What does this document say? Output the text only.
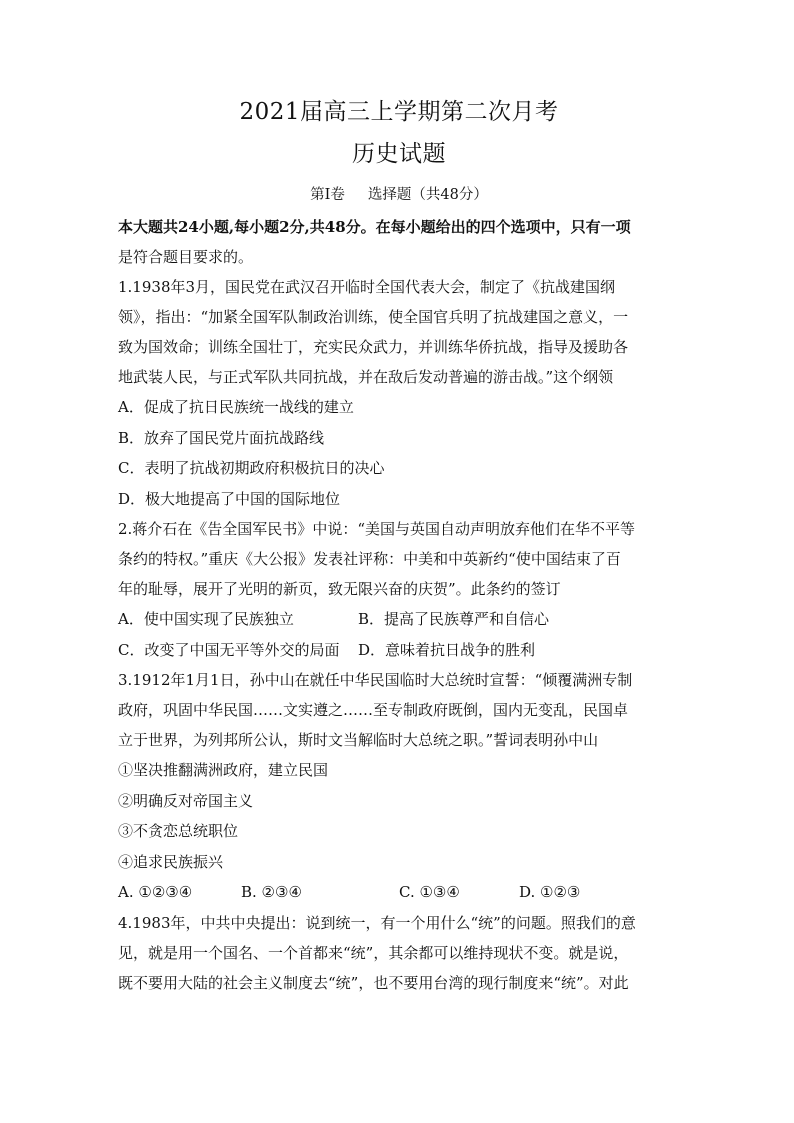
2021届高三上学期第二次月考
历史试题
第Ⅰ卷     选择题（共48分）

本大题共24小题,每小题2分,共48分。在每小题给出的四个选项中，只有一项

是符合题目要求的。

1.1938年3月，国民党在武汉召开临时全国代表大会，制定了《抗战建国纲

领》，指出：“加紧全国军队制政治训练，使全国官兵明了抗战建国之意义，一

致为国效命；训练全国壮丁，充实民众武力，并训练华侨抗战，指导及援助各

地武装人民，与正式军队共同抗战，并在敌后发动普遍的游击战。”这个纲领

A．促成了抗日民族统一战线的建立

B．放弃了国民党片面抗战路线

C．表明了抗战初期政府积极抗日的决心

D．极大地提高了中国的国际地位

2.蒋介石在《告全国军民书》中说：“美国与英国自动声明放弃他们在华不平等

条约的特权。”重庆《大公报》发表社评称：中美和中英新约“使中国结束了百

年的耻辱，展开了光明的新页，致无限兴奋的庆贺”。此条约的签订

A．使中国实现了民族独立	B．提高了民族尊严和自信心
C．改变了中国无平等外交的局面	D．意味着抗日战争的胜利

3.1912年1月1日，孙中山在就任中华民国临时大总统时宣誓：“倾覆满洲专制

政府，巩固中华民国……文实遵之……至专制政府既倒，国内无变乱，民国卓

立于世界，为列邦所公认，斯时文当解临时大总统之职。”誓词表明孙中山

①坚决推翻满洲政府，建立民国

②明确反对帝国主义

③不贪恋总统职位

④追求民族振兴

A. ①②③④	B. ②③④	C. ①③④	D. ①②③

4.1983年，中共中央提出：说到统一，有一个用什么“统”的问题。照我们的意

见，就是用一个国名、一个首都来“统”，其余都可以维持现状不变。就是说，

既不要用大陆的社会主义制度去“统”，也不要用台湾的现行制度来“统”。对此
